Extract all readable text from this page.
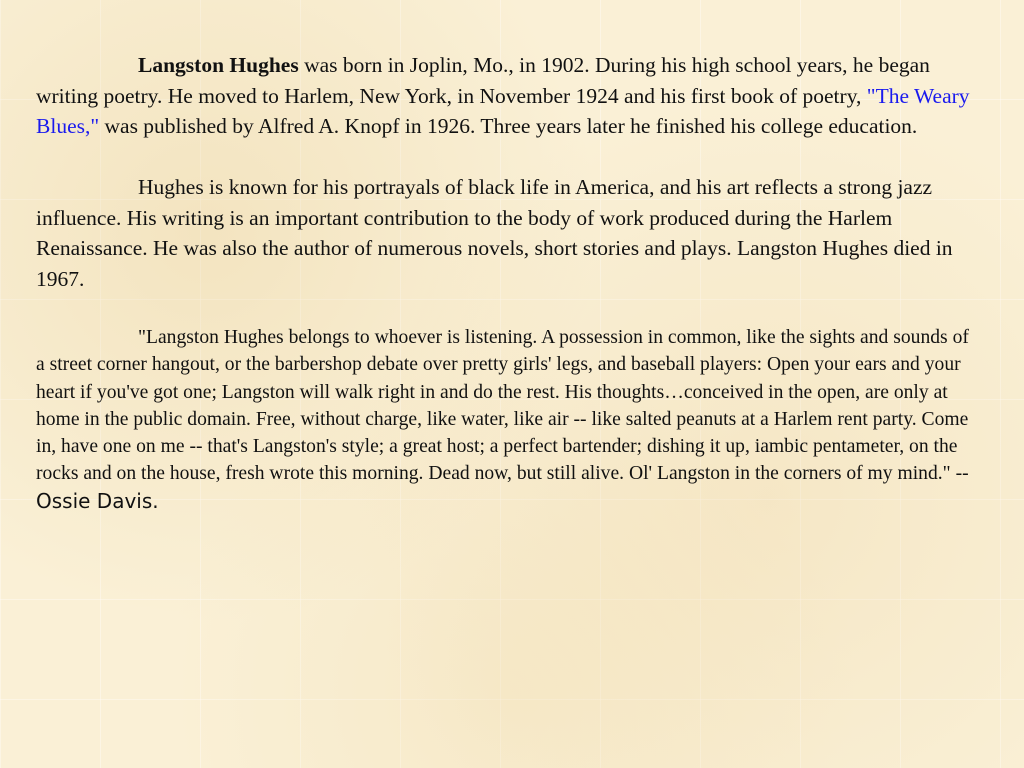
Langston Hughes was born in Joplin, Mo., in 1902. During his high school years, he began writing poetry. He moved to Harlem, New York, in November 1924 and his first book of poetry, "The Weary Blues," was published by Alfred A. Knopf in 1926. Three years later he finished his college education.

Hughes is known for his portrayals of black life in America, and his art reflects a strong jazz influence. His writing is an important contribution to the body of work produced during the Harlem Renaissance. He was also the author of numerous novels, short stories and plays. Langston Hughes died in 1967.

"Langston Hughes belongs to whoever is listening. A possession in common, like the sights and sounds of a street corner hangout, or the barbershop debate over pretty girls' legs, and baseball players: Open your ears and your heart if you've got one; Langston will walk right in and do the rest. His thoughts…conceived in the open, are only at home in the public domain. Free, without charge, like water, like air -- like salted peanuts at a Harlem rent party. Come in, have one on me -- that's Langston's style; a great host; a perfect bartender; dishing it up, iambic pentameter, on the rocks and on the house, fresh wrote this morning. Dead now, but still alive. Ol' Langston in the corners of my mind." -- Ossie Davis.
